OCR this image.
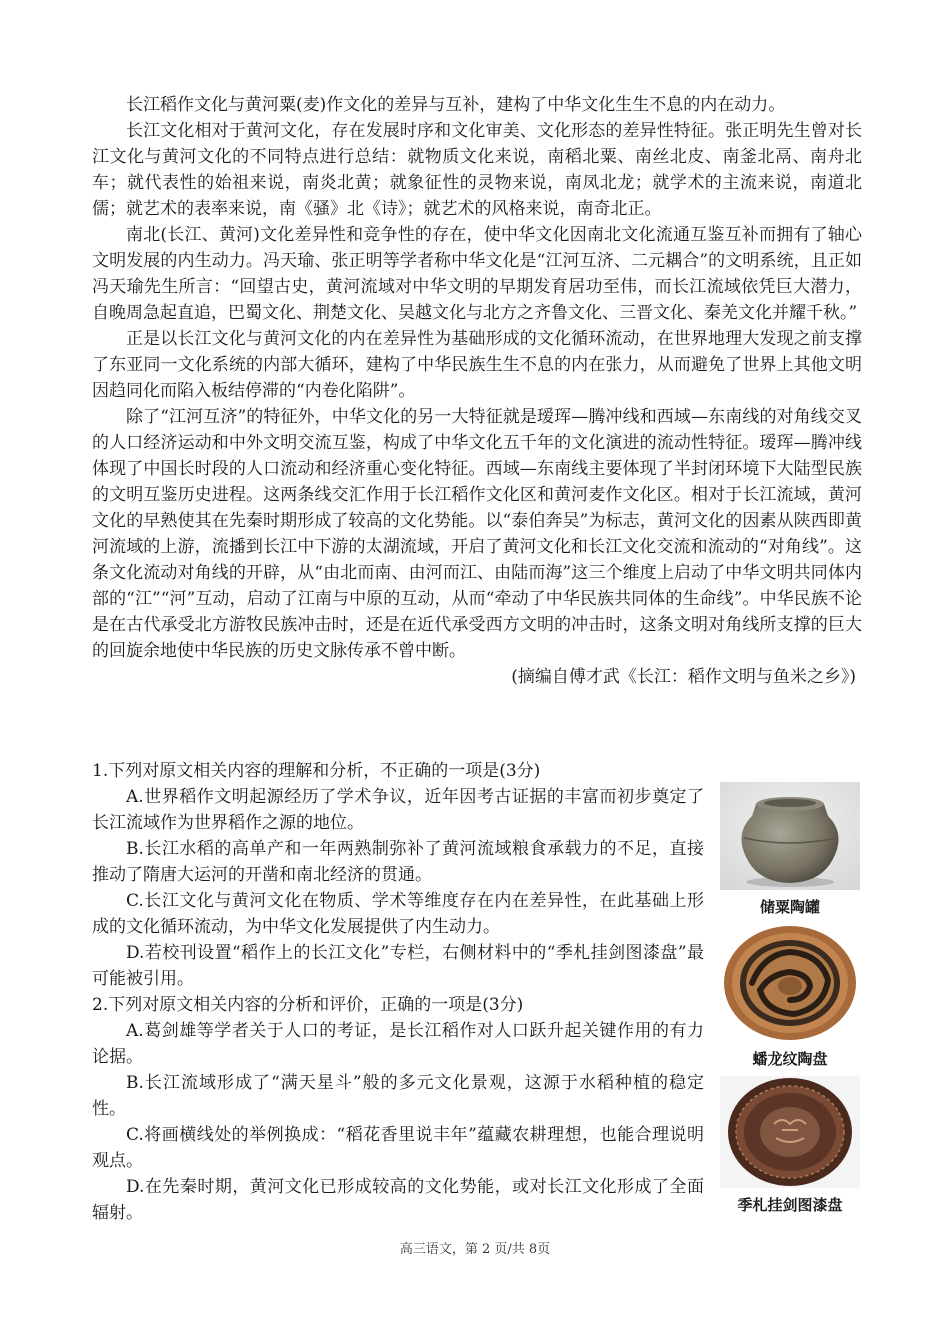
长江稻作文化与黄河粟(麦)作文化的差异与互补，建构了中华文化生生不息的内在动力。

长江文化相对于黄河文化，存在发展时序和文化审美、文化形态的差异性特征。张正明先生曾对长江文化与黄河文化的不同特点进行总结：就物质文化来说，南稻北粟、南丝北皮、南釜北鬲、南舟北车；就代表性的始祖来说，南炎北黄；就象征性的灵物来说，南凤北龙；就学术的主流来说，南道北儒；就艺术的表率来说，南《骚》北《诗》；就艺术的风格来说，南奇北正。

南北(长江、黄河)文化差异性和竞争性的存在，使中华文化因南北文化流通互鉴互补而拥有了轴心文明发展的内生动力。冯天瑜、张正明等学者称中华文化是“江河互济、二元耦合”的文明系统，且正如冯天瑜先生所言：“回望古史，黄河流域对中华文明的早期发育居功至伟，而长江流域依凭巨大潜力，自晚周急起直追，巴蜀文化、荆楚文化、吴越文化与北方之齐鲁文化、三晋文化、秦羌文化并耀千秋。”

正是以长江文化与黄河文化的内在差异性为基础形成的文化循环流动，在世界地理大发现之前支撑了东亚同一文化系统的内部大循环，建构了中华民族生生不息的内在张力，从而避免了世界上其他文明因趋同化而陷入板结停滞的“内卷化陷阱”。

除了“江河互济”的特征外，中华文化的另一大特征就是瑷珲—腾冲线和西域—东南线的对角线交叉的人口经济运动和中外文明交流互鉴，构成了中华文化五千年的文化演进的流动性特征。瑷珲—腾冲线体现了中国长时段的人口流动和经济重心变化特征。西域—东南线主要体现了半封闭环境下大陆型民族的文明互鉴历史进程。这两条线交汇作用于长江稻作文化区和黄河麦作文化区。相对于长江流域，黄河文化的早熟使其在先秦时期形成了较高的文化势能。以“泰伯奔吴”为标志，黄河文化的因素从陕西即黄河流域的上游，流播到长江中下游的太湖流域，开启了黄河文化和长江文化交流和流动的“对角线”。这条文化流动对角线的开辟，从“由北而南、由河而江、由陆而海”这三个维度上启动了中华文明共同体内部的“江”“河”互动，启动了江南与中原的互动，从而“牵动了中华民族共同体的生命线”。中华民族不论是在古代承受北方游牧民族冲击时，还是在近代承受西方文明的冲击时，这条文明对角线所支撑的巨大的回旋余地使中华民族的历史文脉传承不曾中断。

(摘编自傅才武《长江：稻作文明与鱼米之乡》)

1.下列对原文相关内容的理解和分析，不正确的一项是(3分)

A.世界稻作文明起源经历了学术争议，近年因考古证据的丰富而初步奠定了长江流域作为世界稻作之源的地位。

B.长江水稻的高单产和一年两熟制弥补了黄河流域粮食承载力的不足，直接推动了隋唐大运河的开凿和南北经济的贯通。

C.长江文化与黄河文化在物质、学术等维度存在内在差异性，在此基础上形成的文化循环流动，为中华文化发展提供了内生动力。

D.若校刊设置“稻作上的长江文化”专栏，右侧材料中的“季札挂剑图漆盘”最可能被引用。

2.下列对原文相关内容的分析和评价，正确的一项是(3分)

A.葛剑雄等学者关于人口的考证，是长江稻作对人口跃升起关键作用的有力论据。

B.长江流域形成了“满天星斗”般的多元文化景观，这源于水稻种植的稳定性。

C.将画横线处的举例换成：“稻花香里说丰年”蕴藏农耕理想，也能合理说明观点。

D.在先秦时期，黄河文化已形成较高的文化势能，或对长江文化形成了全面辐射。

储粟陶罐
蟠龙纹陶盘
季札挂剑图漆盘
高三语文，第 2 页/共 8页
